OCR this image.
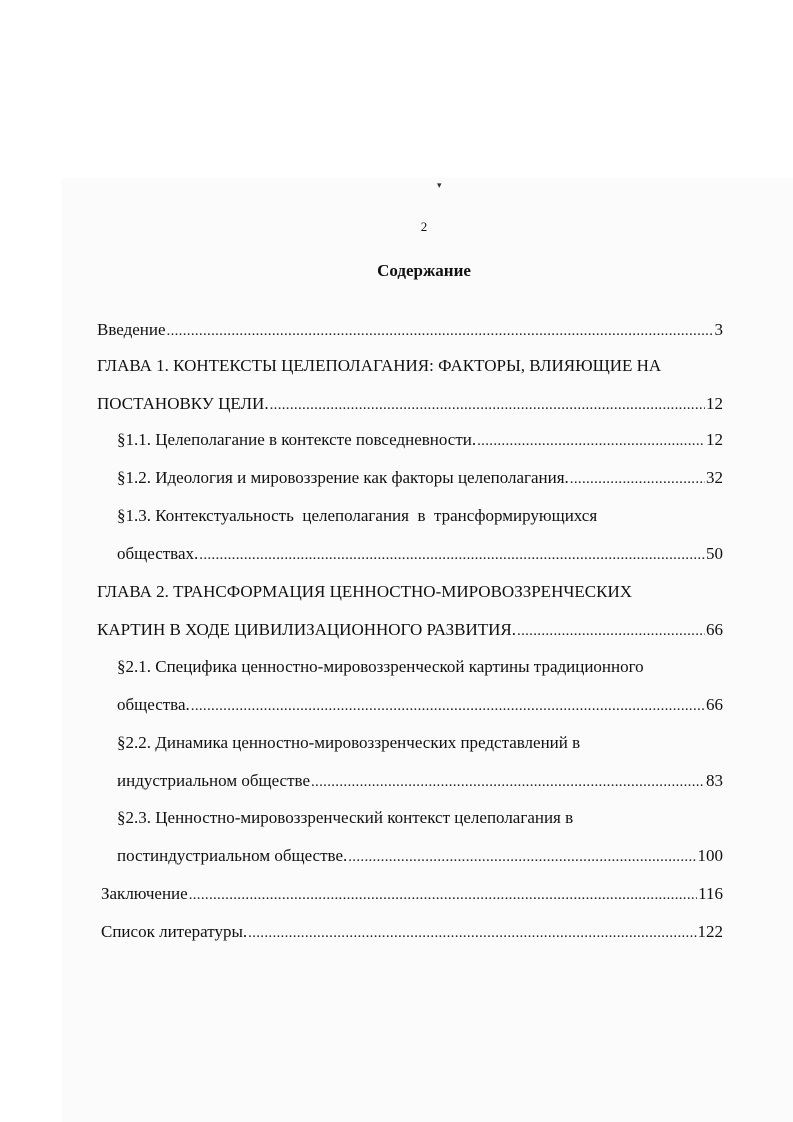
▾
2
Содержание
Введение .....	3
ГЛАВА 1. КОНТЕКСТЫ ЦЕЛЕПОЛАГАНИЯ: ФАКТОРЫ, ВЛИЯЮЩИЕ НА
ПОСТАНОВКУ ЦЕЛИ. .....	12
§1.1. Целеполагание в контексте повседневности. .....	12
§1.2. Идеология и мировоззрение как факторы целеполагания. .....	32
§1.3. Контекстуальность  целеполагания  в  трансформирующихся
обществах. .....	50
ГЛАВА 2. ТРАНСФОРМАЦИЯ ЦЕННОСТНО-МИРОВОЗЗРЕНЧЕСКИХ
КАРТИН В ХОДЕ ЦИВИЛИЗАЦИОННОГО РАЗВИТИЯ. .....	66
§2.1. Специфика ценностно-мировоззренческой картины традиционного
общества. .....	66
§2.2. Динамика ценностно-мировоззренческих представлений в
индустриальном обществе .....	83
§2.3. Ценностно-мировоззренческий контекст целеполагания в
постиндустриальном обществе. .....	100
Заключение .....	116
Список литературы. .....	122
